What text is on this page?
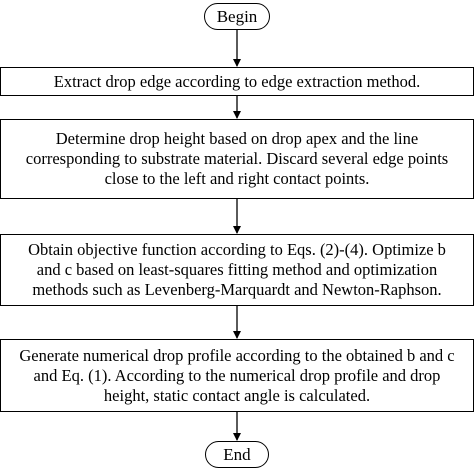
Begin
Extract drop edge according to edge extraction method.
Determine drop height based on drop apex and the line
corresponding to substrate material. Discard several edge points
close to the left and right contact points.
Obtain objective function according to Eqs. (2)-(4). Optimize b
and c based on least-squares fitting method and optimization
methods such as Levenberg-Marquardt and Newton-Raphson.
Generate numerical drop profile according to the obtained b and c
and Eq. (1). According to the numerical drop profile and drop
height, static contact angle is calculated.
End
